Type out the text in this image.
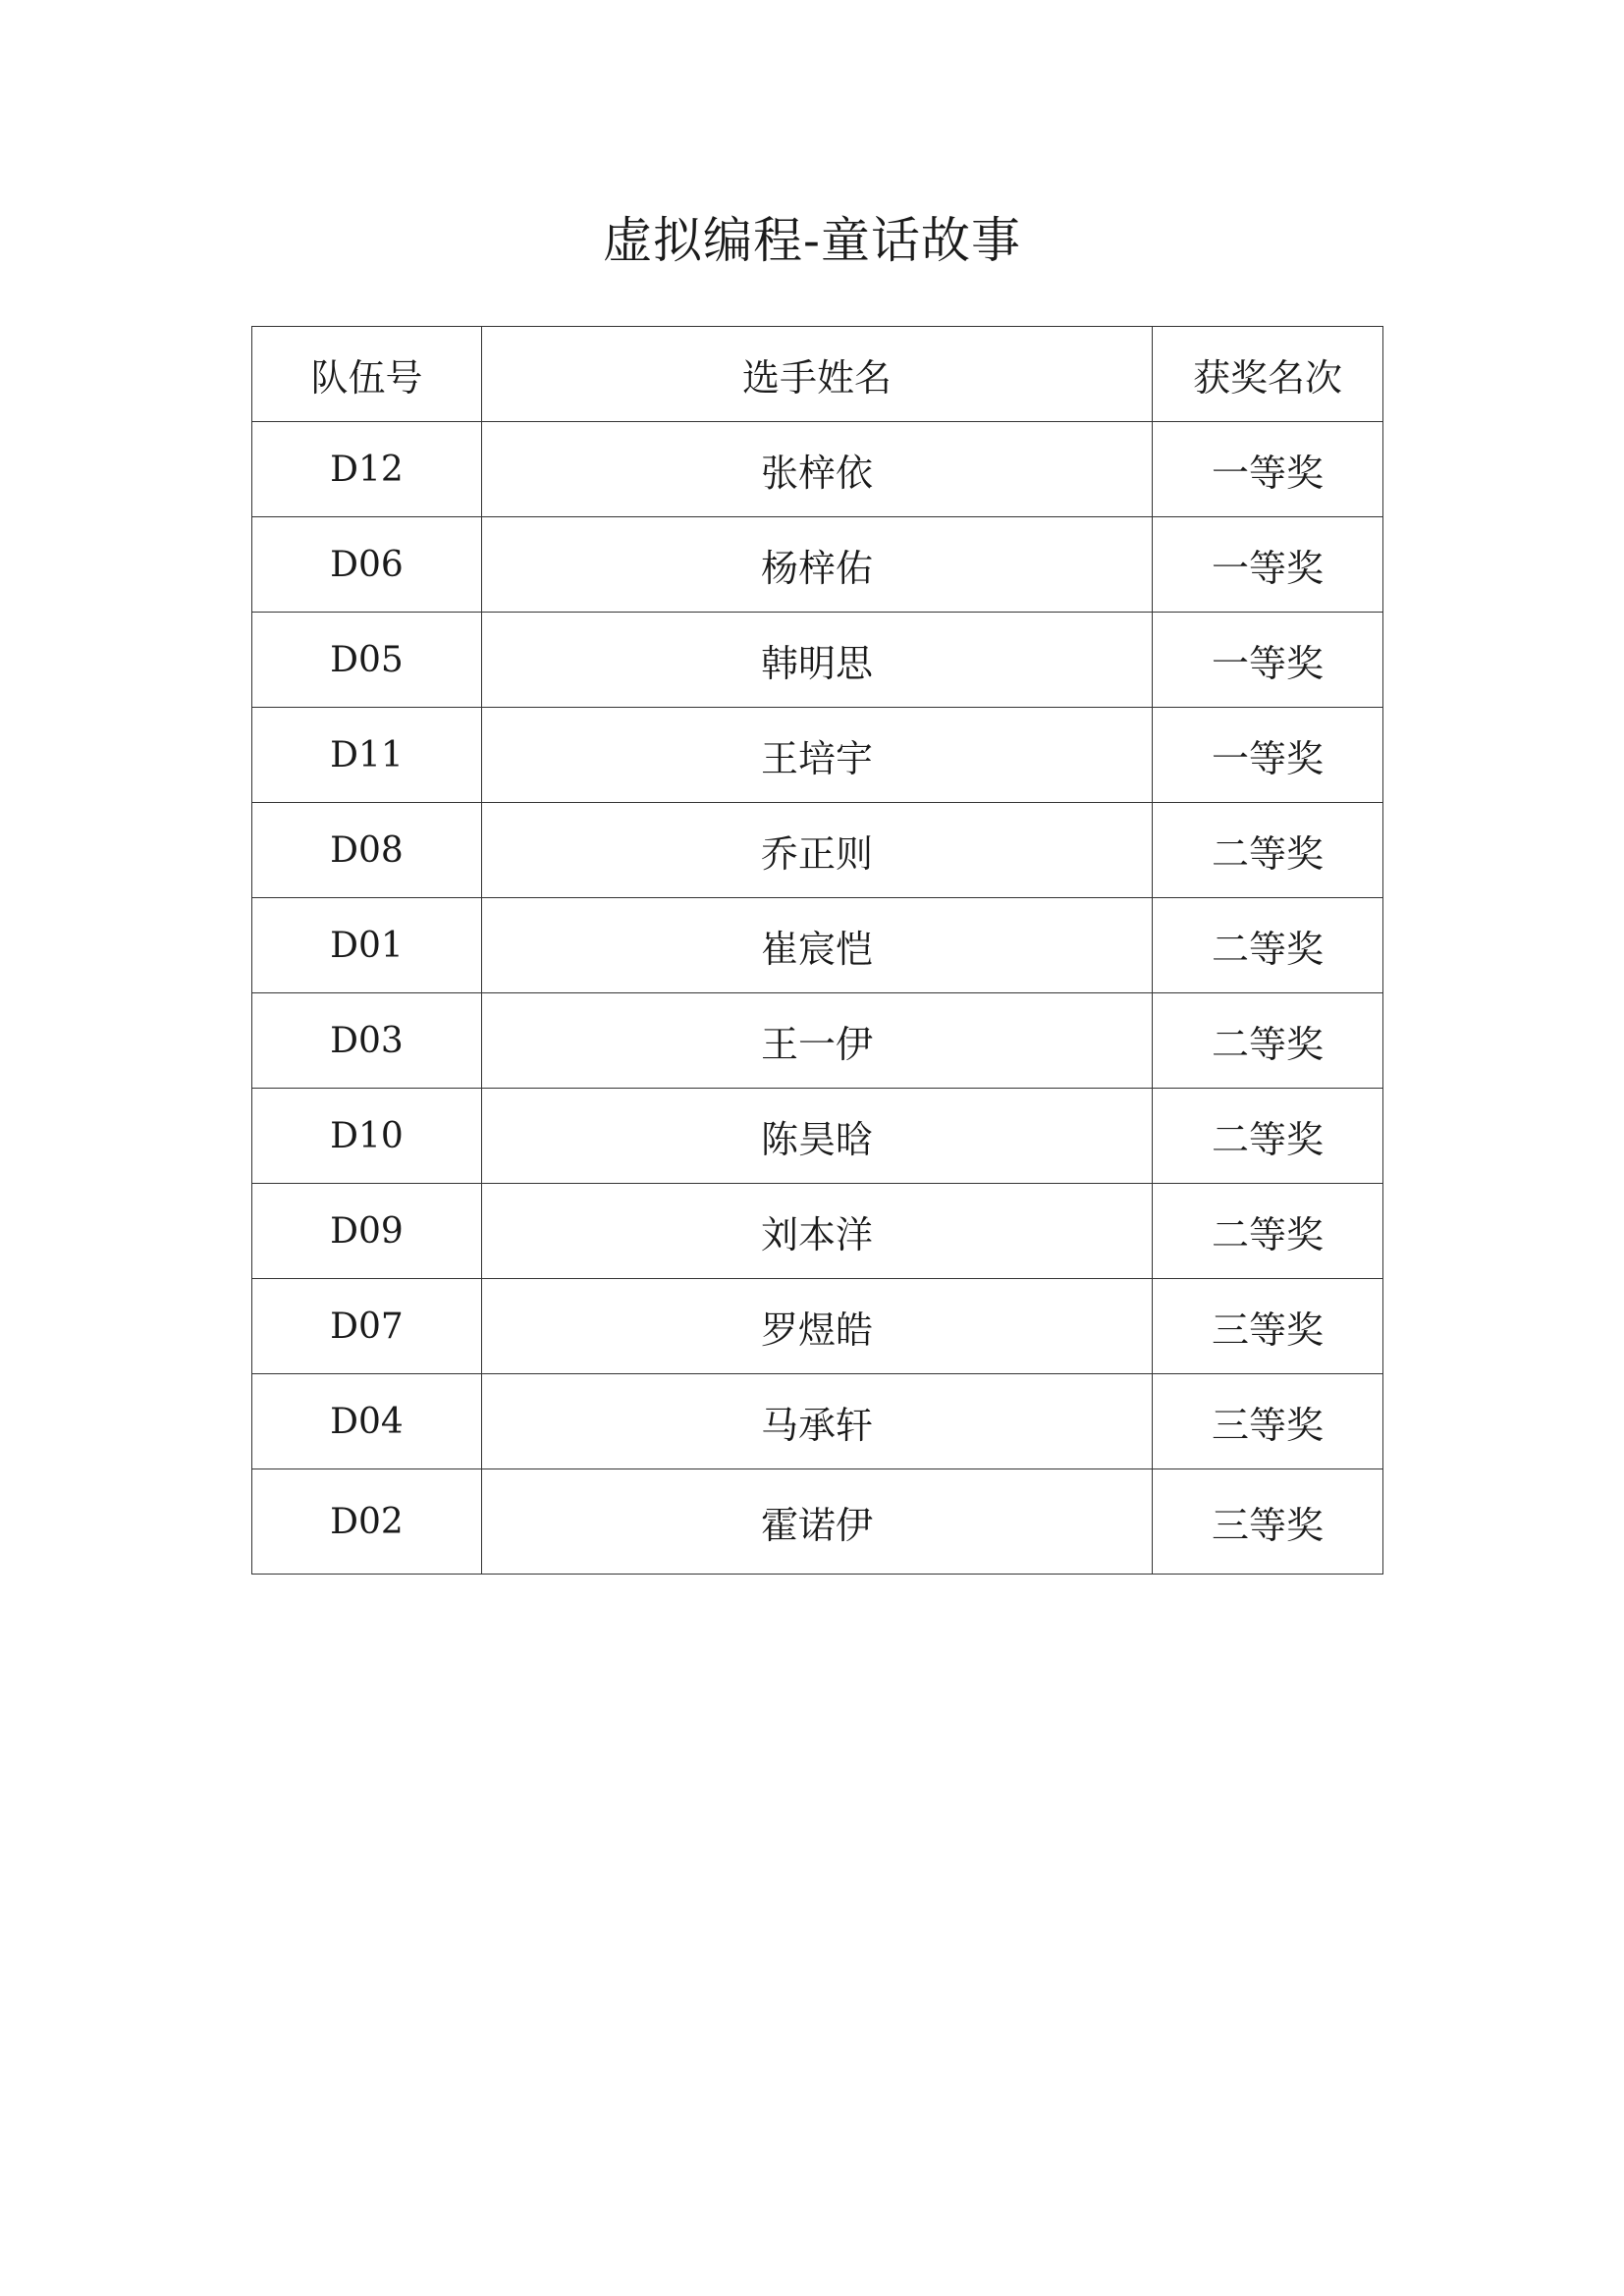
虚拟编程-童话故事
队伍号	选手姓名	获奖名次
D12	张梓依	一等奖
D06	杨梓佑	一等奖
D05	韩明思	一等奖
D11	王培宇	一等奖
D08	乔正则	二等奖
D01	崔宸恺	二等奖
D03	王一伊	二等奖
D10	陈昊晗	二等奖
D09	刘本洋	二等奖
D07	罗煜皓	三等奖
D04	马承轩	三等奖
D02	霍诺伊	三等奖
